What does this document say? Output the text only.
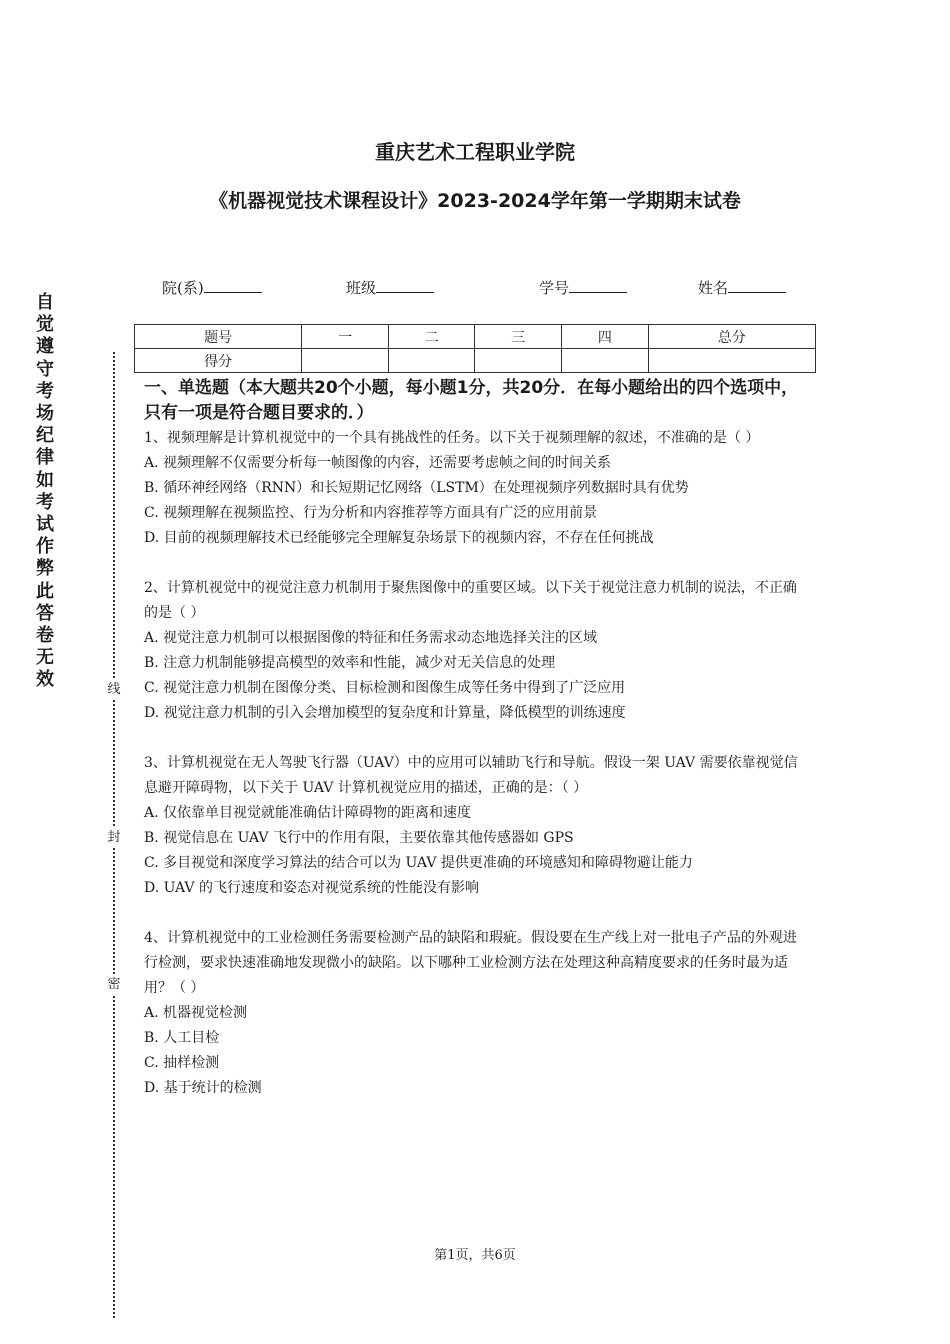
重庆艺术工程职业学院
《机器视觉技术课程设计》2023-2024学年第一学期期末试卷
院(系)	班级	学号	姓名
题号	一	二	三	四	总分
得分					
自觉遵守考场纪律如考试作弊此答卷无效	线
封
密

一、单选题（本大题共20个小题，每小题1分，共20分．在每小题给出的四个选项中，只有一项是符合题目要求的．）

1、视频理解是计算机视觉中的一个具有挑战性的任务。以下关于视频理解的叙述，不准确的是（ ）

A. 视频理解不仅需要分析每一帧图像的内容，还需要考虑帧之间的时间关系

B. 循环神经网络（RNN）和长短期记忆网络（LSTM）在处理视频序列数据时具有优势

C. 视频理解在视频监控、行为分析和内容推荐等方面具有广泛的应用前景

D. 目前的视频理解技术已经能够完全理解复杂场景下的视频内容，不存在任何挑战

2、计算机视觉中的视觉注意力机制用于聚焦图像中的重要区域。以下关于视觉注意力机制的说法，不正确的是（ ）

A. 视觉注意力机制可以根据图像的特征和任务需求动态地选择关注的区域

B. 注意力机制能够提高模型的效率和性能，减少对无关信息的处理

C. 视觉注意力机制在图像分类、目标检测和图像生成等任务中得到了广泛应用

D. 视觉注意力机制的引入会增加模型的复杂度和计算量，降低模型的训练速度

3、计算机视觉在无人驾驶飞行器（UAV）中的应用可以辅助飞行和导航。假设一架 UAV 需要依靠视觉信息避开障碍物，以下关于 UAV 计算机视觉应用的描述，正确的是：（ ）

A. 仅依靠单目视觉就能准确估计障碍物的距离和速度

B. 视觉信息在 UAV 飞行中的作用有限，主要依靠其他传感器如 GPS

C. 多目视觉和深度学习算法的结合可以为 UAV 提供更准确的环境感知和障碍物避让能力

D. UAV 的飞行速度和姿态对视觉系统的性能没有影响

4、计算机视觉中的工业检测任务需要检测产品的缺陷和瑕疵。假设要在生产线上对一批电子产品的外观进行检测，要求快速准确地发现微小的缺陷。以下哪种工业检测方法在处理这种高精度要求的任务时最为适用？（ ）

A. 机器视觉检测

B. 人工目检

C. 抽样检测

D. 基于统计的检测

第1页，共6页
